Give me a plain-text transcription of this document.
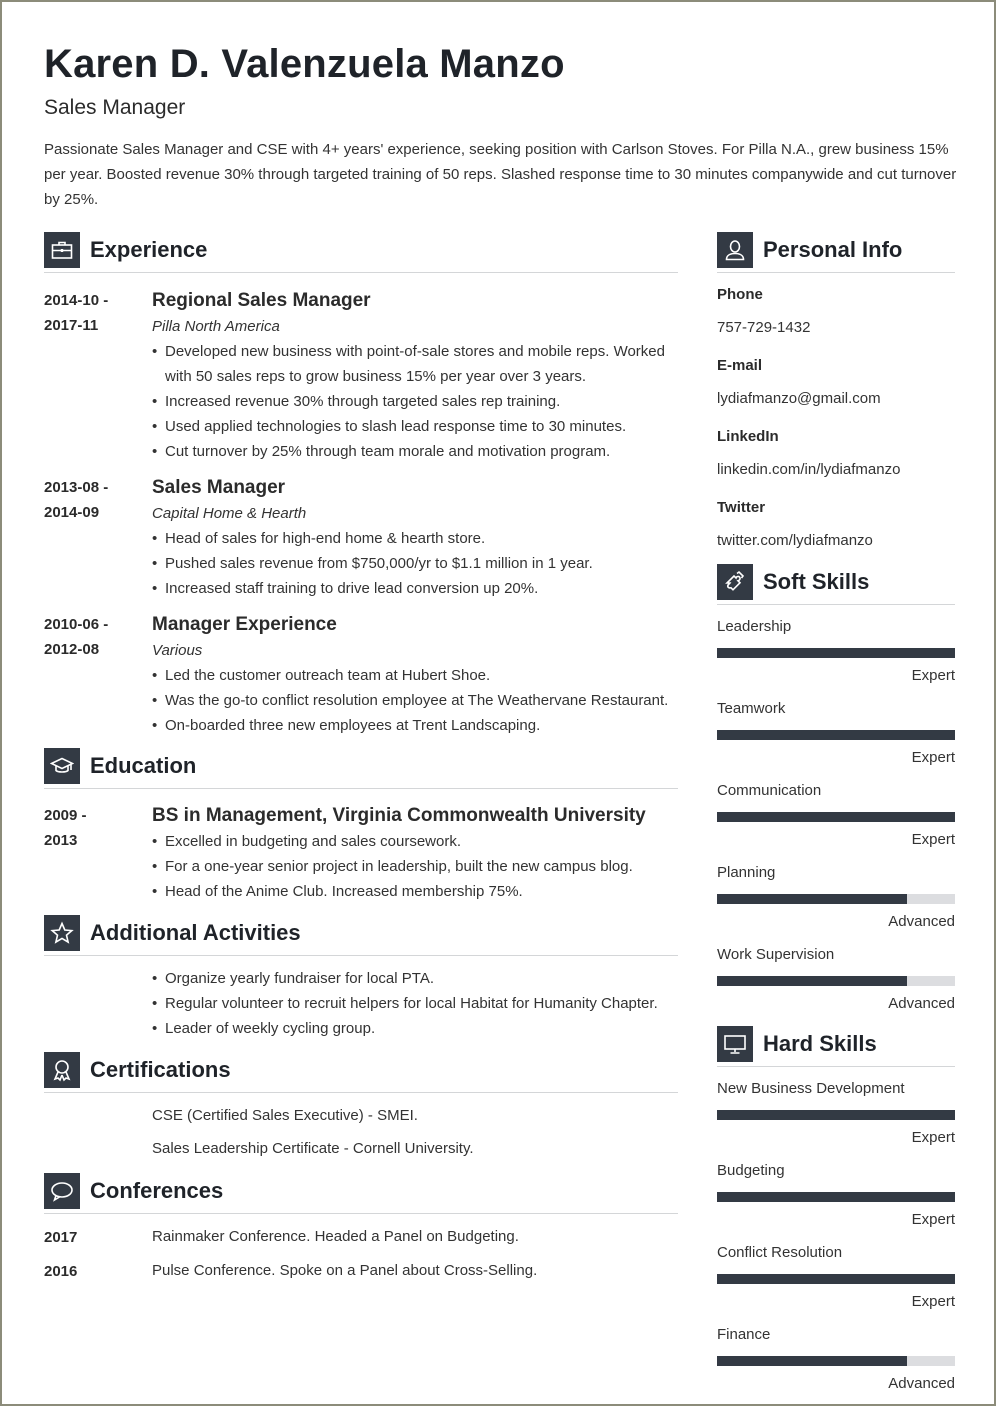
Karen D. Valenzuela Manzo
Sales Manager
Passionate Sales Manager and CSE with 4+ years' experience, seeking position with Carlson Stoves. For Pilla N.A., grew business 15% per year. Boosted revenue 30% through targeted training of 50 reps. Slashed response time to 30 minutes companywide and cut turnover by 25%.
Experience
2014-10 -
2017-11
Regional Sales Manager
Pilla North America
• Developed new business with point-of-sale stores and mobile reps. Worked with 50 sales reps to grow business 15% per year over 3 years.
• Increased revenue 30% through targeted sales rep training.
• Used applied technologies to slash lead response time to 30 minutes.
• Cut turnover by 25% through team morale and motivation program.
2013-08 -
2014-09
Sales Manager
Capital Home & Hearth
• Head of sales for high-end home & hearth store.
• Pushed sales revenue from $750,000/yr to $1.1 million in 1 year.
• Increased staff training to drive lead conversion up 20%.
2010-06 -
2012-08
Manager Experience
Various
• Led the customer outreach team at Hubert Shoe.
• Was the go-to conflict resolution employee at The Weathervane Restaurant.
• On-boarded three new employees at Trent Landscaping.
Education
2009 -
2013
BS in Management, Virginia Commonwealth University
• Excelled in budgeting and sales coursework.
• For a one-year senior project in leadership, built the new campus blog.
• Head of the Anime Club. Increased membership 75%.
Additional Activities
• Organize yearly fundraiser for local PTA.
• Regular volunteer to recruit helpers for local Habitat for Humanity Chapter.
• Leader of weekly cycling group.
Certifications
CSE (Certified Sales Executive) - SMEI.
Sales Leadership Certificate - Cornell University.
Conferences
2017	Rainmaker Conference. Headed a Panel on Budgeting.
2016	Pulse Conference. Spoke on a Panel about Cross-Selling.
Personal Info
Phone
757-729-1432
E-mail
lydiafmanzo@gmail.com
LinkedIn
linkedin.com/in/lydiafmanzo
Twitter
twitter.com/lydiafmanzo
Soft Skills
Leadership
Expert
Teamwork
Expert
Communication
Expert
Planning
Advanced
Work Supervision
Advanced
Hard Skills
New Business Development
Expert
Budgeting
Expert
Conflict Resolution
Expert
Finance
Advanced
